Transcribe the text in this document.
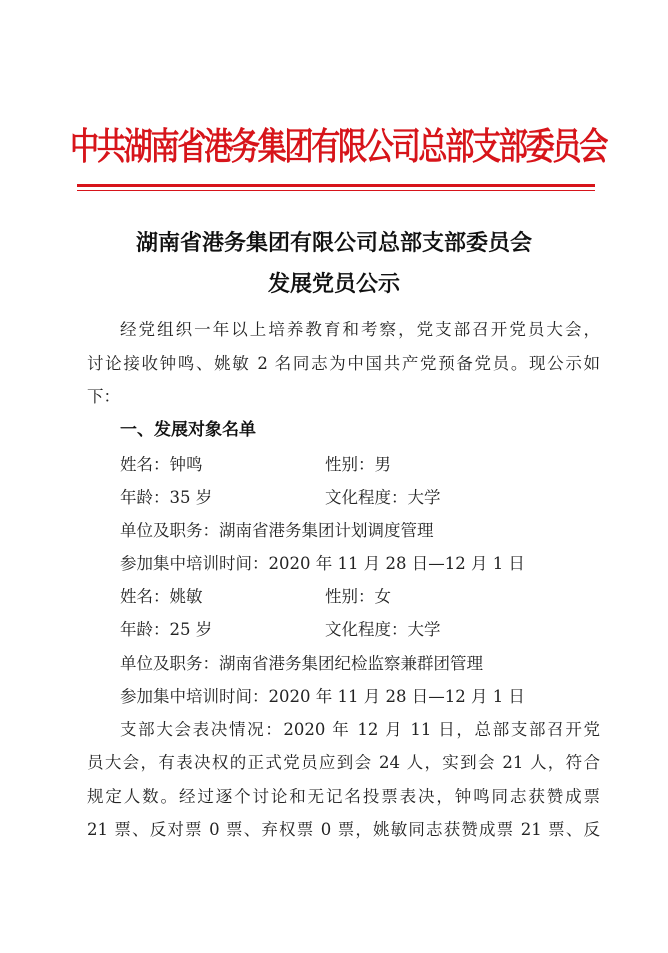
中共湖南省港务集团有限公司总部支部委员会
湖南省港务集团有限公司总部支部委员会
发展党员公示
经党组织一年以上培养教育和考察，党支部召开党员大会，
讨论接收钟鸣、姚敏 2 名同志为中国共产党预备党员。现公示如
下：
一、发展对象名单
姓名：钟鸣	性别：男
年龄：35 岁	文化程度：大学
单位及职务：湖南省港务集团计划调度管理
参加集中培训时间：2020 年 11 月 28 日—12 月 1 日
姓名：姚敏	性别：女
年龄：25 岁	文化程度：大学
单位及职务：湖南省港务集团纪检监察兼群团管理
参加集中培训时间：2020 年 11 月 28 日—12 月 1 日
支部大会表决情况：2020 年 12 月 11 日，总部支部召开党
员大会，有表决权的正式党员应到会 24 人，实到会 21 人，符合
规定人数。经过逐个讨论和无记名投票表决，钟鸣同志获赞成票
21 票、反对票 0 票、弃权票 0 票，姚敏同志获赞成票 21 票、反
